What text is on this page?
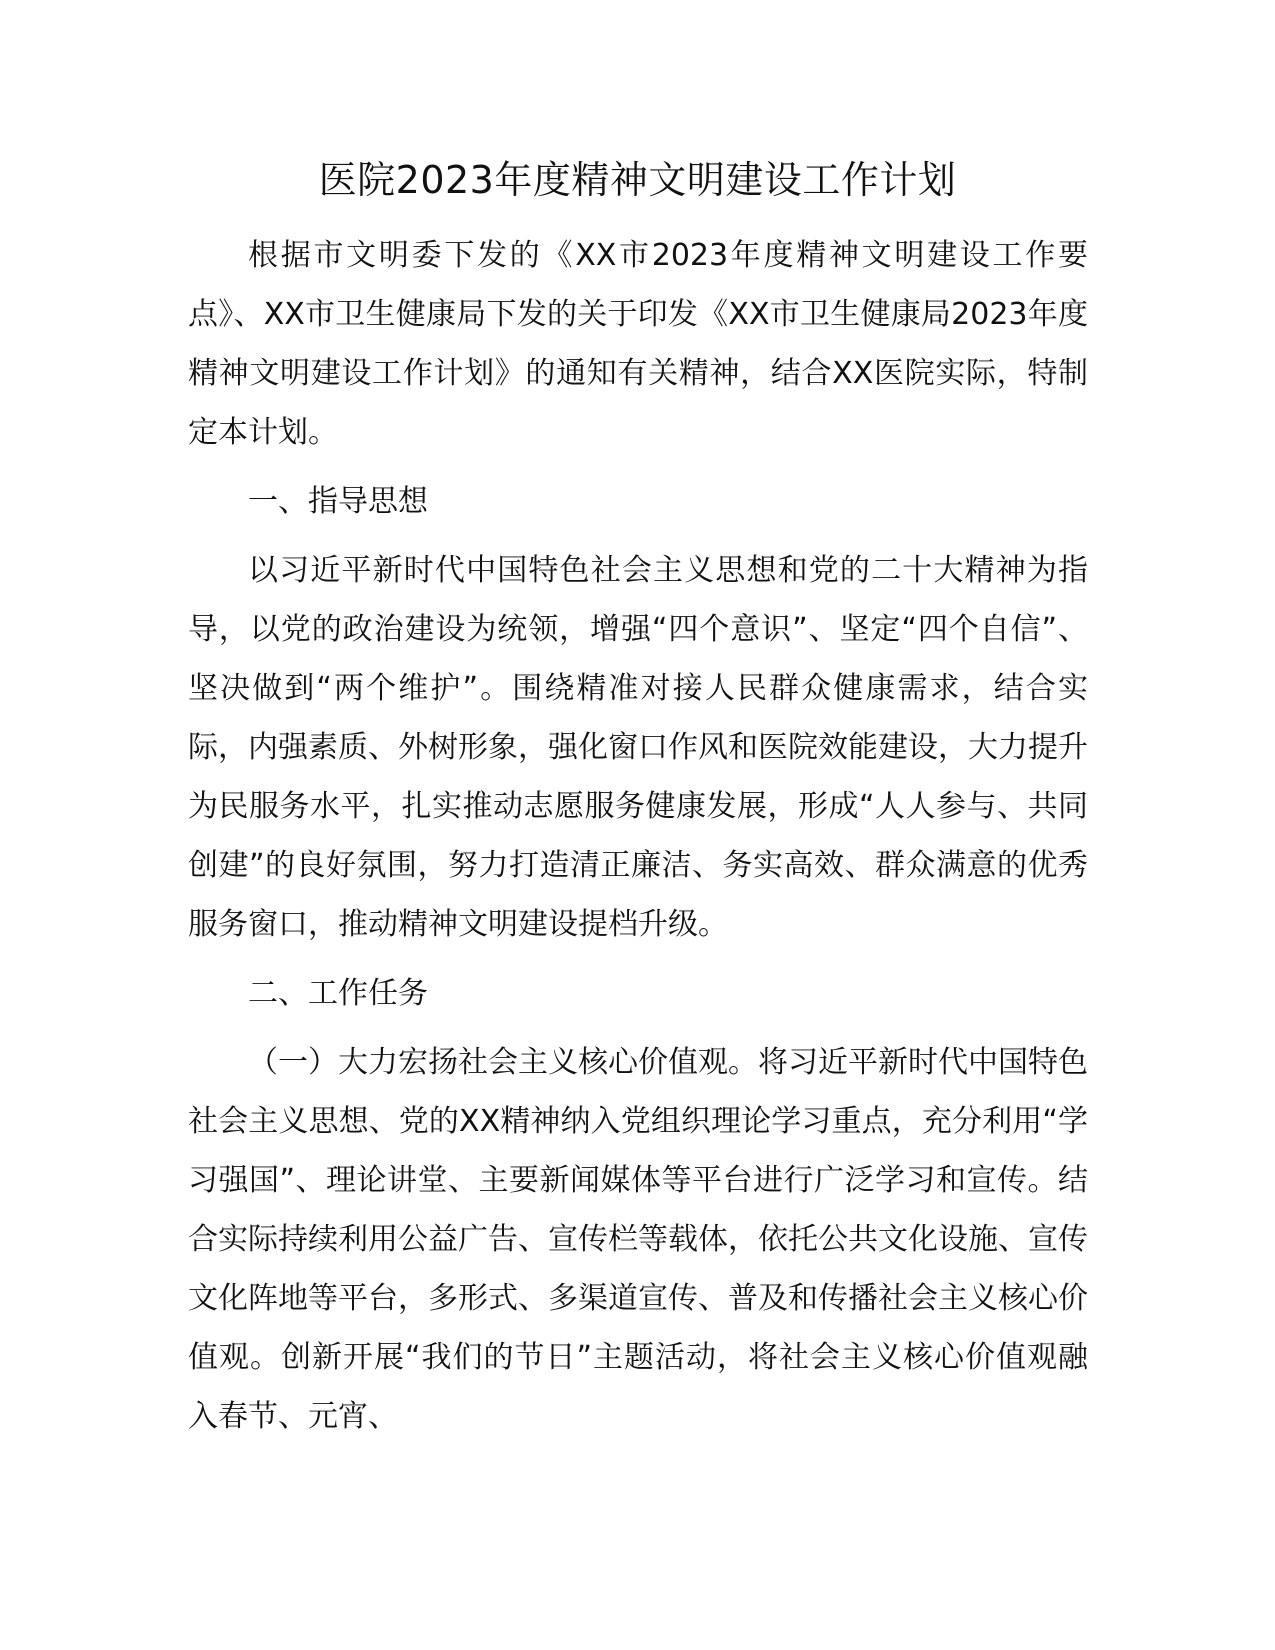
医院2023年度精神文明建设工作计划

根据市文明委下发的《XX市2023年度精神文明建设工作要点》、XX市卫生健康局下发的关于印发《XX市卫生健康局2023年度精神文明建设工作计划》的通知有关精神，结合XX医院实际，特制定本计划。

一、指导思想

以习近平新时代中国特色社会主义思想和党的二十大精神为指导，以党的政治建设为统领，增强“四个意识”、坚定“四个自信”、坚决做到“两个维护”。围绕精准对接人民群众健康需求，结合实际，内强素质、外树形象，强化窗口作风和医院效能建设，大力提升为民服务水平，扎实推动志愿服务健康发展，形成“人人参与、共同创建”的良好氛围，努力打造清正廉洁、务实高效、群众满意的优秀服务窗口，推动精神文明建设提档升级。

二、工作任务

（一）大力宏扬社会主义核心价值观。将习近平新时代中国特色社会主义思想、党的XX精神纳入党组织理论学习重点，充分利用“学习强国”、理论讲堂、主要新闻媒体等平台进行广泛学习和宣传。结合实际持续利用公益广告、宣传栏等载体，依托公共文化设施、宣传文化阵地等平台，多形式、多渠道宣传、普及和传播社会主义核心价值观。创新开展“我们的节日”主题活动，将社会主义核心价值观融入春节、元宵、
